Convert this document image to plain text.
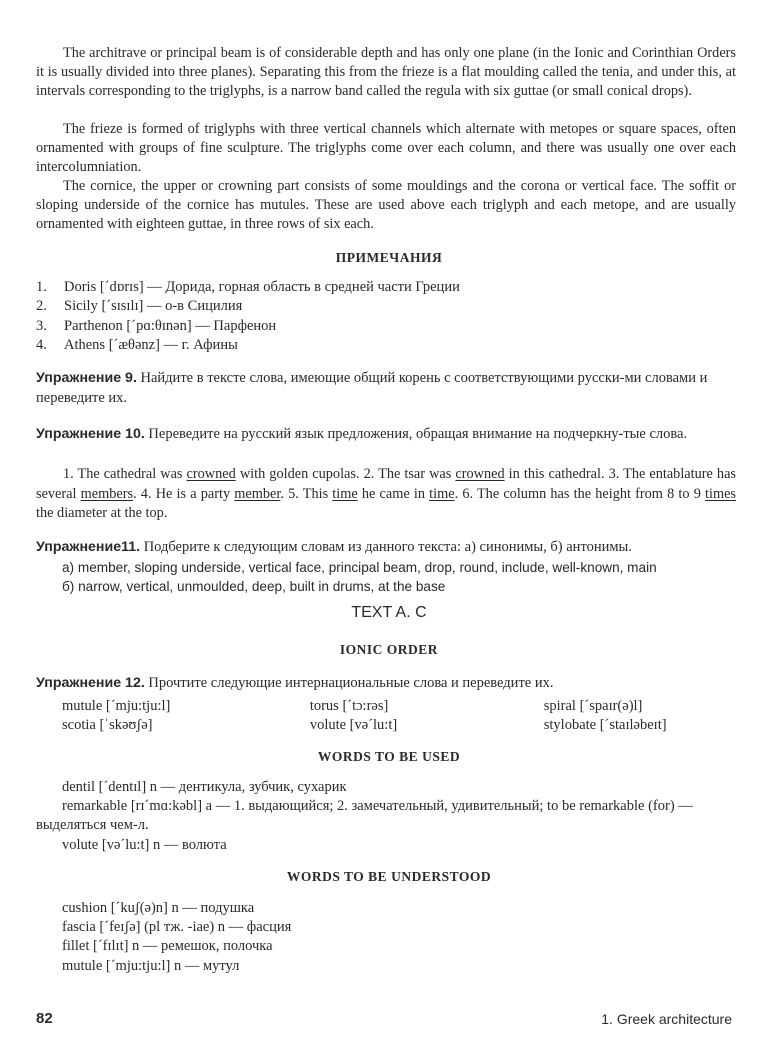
The architrave or principal beam is of considerable depth and has only one plane (in the Ionic and Corinthian Orders it is usually divided into three planes). Separating this from the frieze is a flat moulding called the tenia, and under this, at intervals corresponding to the triglyphs, is a narrow band called the regula with six guttae (or small conical drops).

The frieze is formed of triglyphs with three vertical channels which alternate with metopes or square spaces, often ornamented with groups of fine sculpture. The triglyphs come over each column, and there was usually one over each intercolumniation.

The cornice, the upper or crowning part consists of some mouldings and the corona or vertical face. The soffit or sloping underside of the cornice has mutules. These are used above each triglyph and each metope, and are usually ornamented with eighteen guttae, in three rows of six each.

ПРИМЕЧАНИЯ

1.	Doris [ˊdɒrɪs] — Дорида, горная область в средней части Греции
2.	Sicily [ˊsɪsɪlɪ] — о-в Сицилия
3.	Parthenon [ˊpɑ:θɪnən] — Парфенон
4.	Athens [ˊæθənz] — г. Афины

Упражнение 9. Найдите в тексте слова, имеющие общий корень с соответствующими русски-ми словами и переведите их.

Упражнение 10. Переведите на русский язык предложения, обращая внимание на подчеркну-тые слова.

1. The cathedral was crowned with golden cupolas. 2. The tsar was crowned in this cathedral. 3. The entablature has several members. 4. He is a party member. 5. This time he came in time. 6. The column has the height from 8 to 9 times the diameter at the top.

Упражнение11. Подберите к следующим словам из данного текста: а) синонимы, б) антонимы.

а) member, sloping underside, vertical face, principal beam, drop, round, include, well-known, main

б) narrow, vertical, unmoulded, deep, built in drums, at the base

TEXT A. C

IONIC ORDER

Упражнение 12. Прочтите следующие интернациональные слова и переведите их.

mutule [ˊmju:tju:l]	torus [ˊtɔ:rəs]	spiral [ˊspaɪr(ə)l]
scotia [ˈskəʊʃə]	volute [vəˊlu:t]	stylobate [ˊstaɪləbeɪt]

WORDS TO BE USED

dentil [ˊdentɪl] n — дентикула, зубчик, сухарик
remarkable [rɪˊmɑ:kəbl] a — 1. выдающийся; 2. замечательный, удивительный; to be remarkable (for) — выделяться чем-л.
volute [vəˊlu:t] n — волюта

WORDS TO BE UNDERSTOOD

cushion [ˊkuʃ(ə)n] n — подушка
fascia [ˊfeɪʃə] (pl тж. -iae) n — фасция
fillet [ˊfɪlɪt] n — ремешок, полочка
mutule [ˊmju:tju:l] n — мутул
82	1. Greek architecture
